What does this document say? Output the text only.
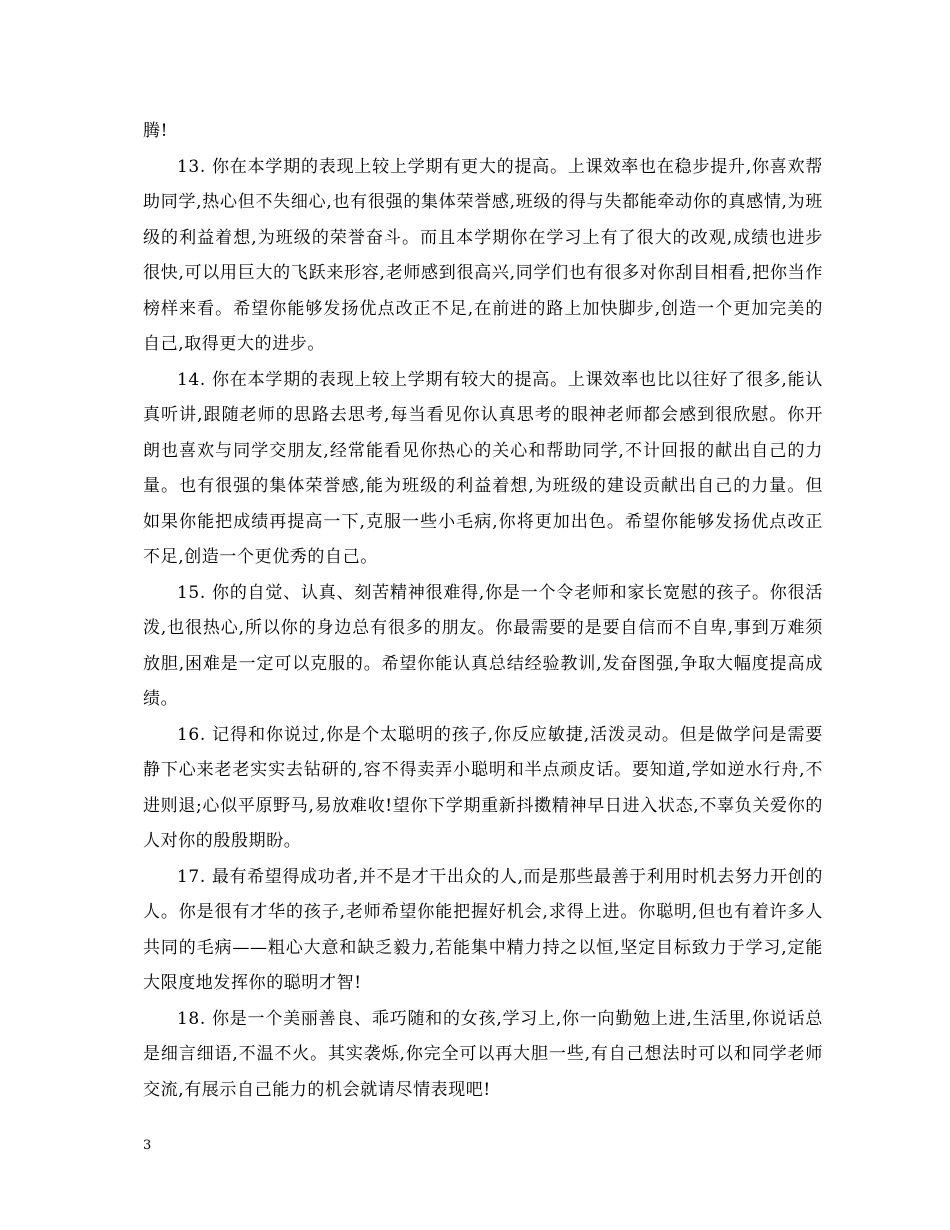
腾!

13. 你在本学期的表现上较上学期有更大的提高。上课效率也在稳步提升,你喜欢帮助同学,热心但不失细心,也有很强的集体荣誉感,班级的得与失都能牵动你的真感情,为班级的利益着想,为班级的荣誉奋斗。而且本学期你在学习上有了很大的改观,成绩也进步很快,可以用巨大的飞跃来形容,老师感到很高兴,同学们也有很多对你刮目相看,把你当作榜样来看。希望你能够发扬优点改正不足,在前进的路上加快脚步,创造一个更加完美的自己,取得更大的进步。

14. 你在本学期的表现上较上学期有较大的提高。上课效率也比以往好了很多,能认真听讲,跟随老师的思路去思考,每当看见你认真思考的眼神老师都会感到很欣慰。你开朗也喜欢与同学交朋友,经常能看见你热心的关心和帮助同学,不计回报的献出自己的力量。也有很强的集体荣誉感,能为班级的利益着想,为班级的建设贡献出自己的力量。但如果你能把成绩再提高一下,克服一些小毛病,你将更加出色。希望你能够发扬优点改正不足,创造一个更优秀的自己。

15. 你的自觉、认真、刻苦精神很难得,你是一个令老师和家长宽慰的孩子。你很活泼,也很热心,所以你的身边总有很多的朋友。你最需要的是要自信而不自卑,事到万难须放胆,困难是一定可以克服的。希望你能认真总结经验教训,发奋图强,争取大幅度提高成绩。

16. 记得和你说过,你是个太聪明的孩子,你反应敏捷,活泼灵动。但是做学问是需要静下心来老老实实去钻研的,容不得卖弄小聪明和半点顽皮话。要知道,学如逆水行舟,不进则退;心似平原野马,易放难收!望你下学期重新抖擞精神早日进入状态,不辜负关爱你的人对你的殷殷期盼。

17. 最有希望得成功者,并不是才干出众的人,而是那些最善于利用时机去努力开创的人。你是很有才华的孩子,老师希望你能把握好机会,求得上进。你聪明,但也有着许多人共同的毛病——粗心大意和缺乏毅力,若能集中精力持之以恒,坚定目标致力于学习,定能大限度地发挥你的聪明才智!

18. 你是一个美丽善良、乖巧随和的女孩,学习上,你一向勤勉上进,生活里,你说话总是细言细语,不温不火。其实袭烁,你完全可以再大胆一些,有自己想法时可以和同学老师交流,有展示自己能力的机会就请尽情表现吧!

3
